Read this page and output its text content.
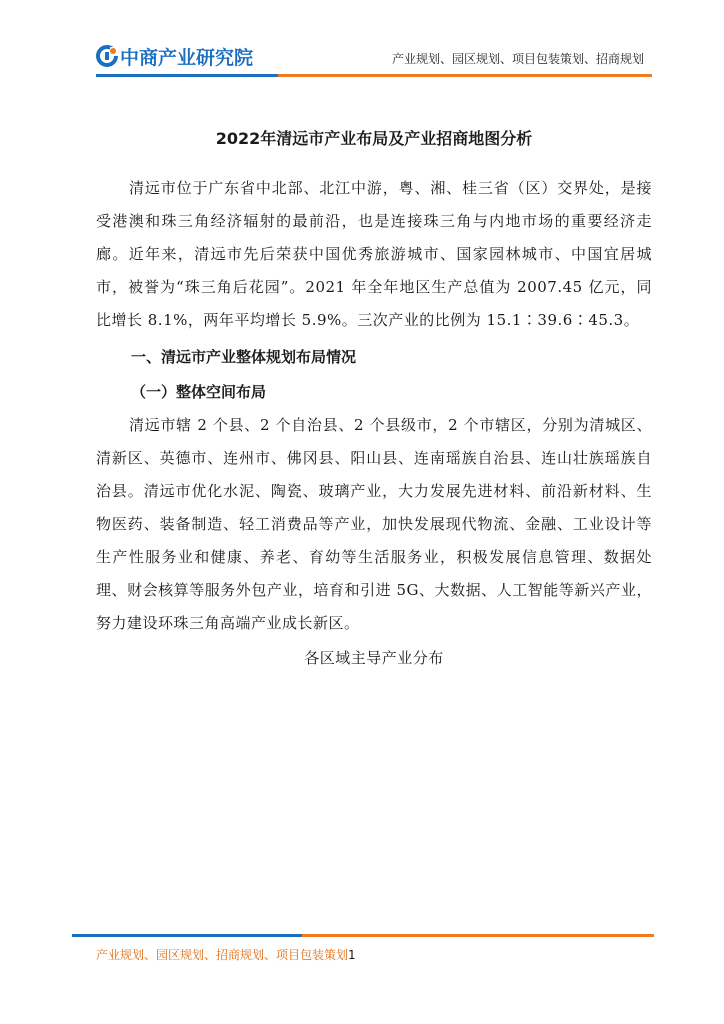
中商产业研究院	产业规划、园区规划、项目包装策划、招商规划
2022年清远市产业布局及产业招商地图分析

清远市位于广东省中北部、北江中游，粤、湘、桂三省（区）交界处，是接受港澳和珠三角经济辐射的最前沿，也是连接珠三角与内地市场的重要经济走廊。近年来，清远市先后荣获中国优秀旅游城市、国家园林城市、中国宜居城市，被誉为“珠三角后花园”。2021 年全年地区生产总值为 2007.45 亿元，同比增长 8.1%，两年平均增长 5.9%。三次产业的比例为 15.1∶39.6∶45.3。

一、清远市产业整体规划布局情况
（一）整体空间布局

清远市辖 2 个县、2 个自治县、2 个县级市，2 个市辖区，分别为清城区、清新区、英德市、连州市、佛冈县、阳山县、连南瑶族自治县、连山壮族瑶族自治县。清远市优化水泥、陶瓷、玻璃产业，大力发展先进材料、前沿新材料、生物医药、装备制造、轻工消费品等产业，加快发展现代物流、金融、工业设计等生产性服务业和健康、养老、育幼等生活服务业，积极发展信息管理、数据处理、财会核算等服务外包产业，培育和引进 5G、大数据、人工智能等新兴产业，努力建设环珠三角高端产业成长新区。

各区域主导产业分布
产业规划、园区规划、招商规划、项目包装策划1
